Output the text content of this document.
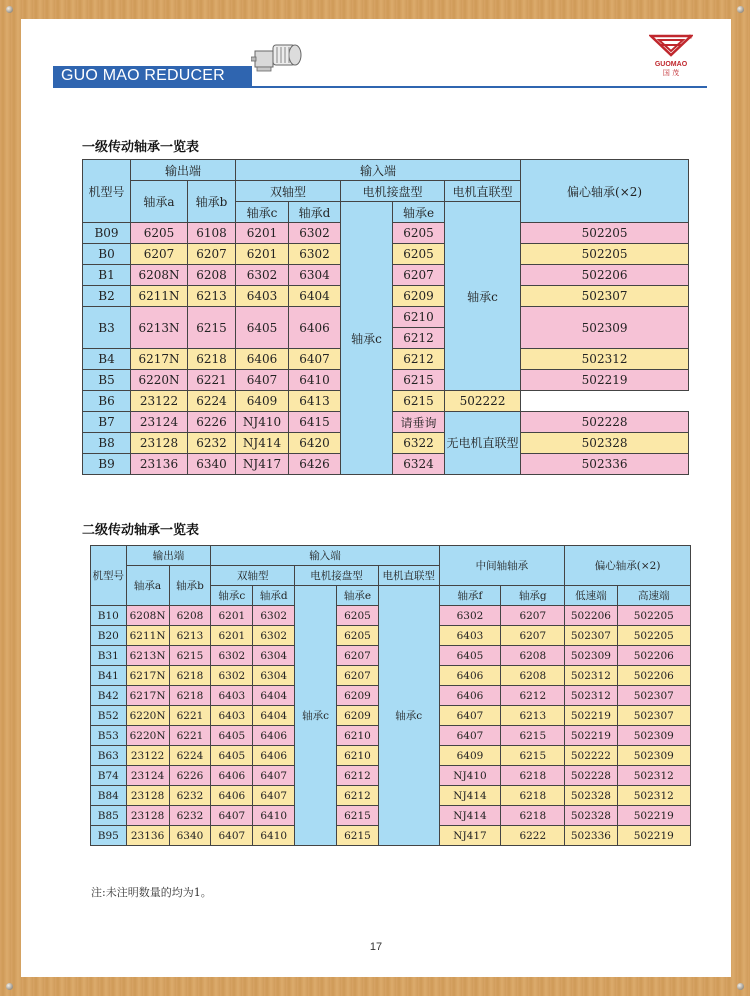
GUO MAO REDUCER
®
GUOMAO
国 茂
一级传动轴承一览表
机型号	输出端		输入端					偏心轴承(×2)
	轴承a	轴承b	双轴型		电机接盘型		电机直联型	
			轴承c	轴承d	轴承c	轴承e	轴承c	
B09	6205	6108	6201	6302		6205		502205
B0	6207	6207	6201	6302		6205		502205
B1	6208N	6208	6302	6304		6207		502206
B2	6211N	6213	6403	6404		6209		502307
B3	6213N	6215	6405	6406		6210		502309
						6212		
B4	6217N	6218	6406	6407		6212		502312
B5	6220N	6221	6407	6410		6215		502219
B6	23122	6224	6409	6413		6215	502222	
B7	23124	6226	NJ410	6415		请垂询	无电机直联型	502228
B8	23128	6232	NJ414	6420		6322		502328
B9	23136	6340	NJ417	6426		6324		502336
二级传动轴承一览表
机型号	输出端		输入端					中间轴轴承		偏心轴承(×2)	
	轴承a	轴承b	双轴型		电机接盘型		电机直联型				
			轴承c	轴承d	轴承c	轴承e	轴承c	轴承f	轴承g	低速端	高速端
B10	6208N	6208	6201	6302		6205		6302	6207	502206	502205
B20	6211N	6213	6201	6302		6205		6403	6207	502307	502205
B31	6213N	6215	6302	6304		6207		6405	6208	502309	502206
B41	6217N	6218	6302	6304		6207		6406	6208	502312	502206
B42	6217N	6218	6403	6404		6209		6406	6212	502312	502307
B52	6220N	6221	6403	6404		6209		6407	6213	502219	502307
B53	6220N	6221	6405	6406		6210		6407	6215	502219	502309
B63	23122	6224	6405	6406		6210		6409	6215	502222	502309
B74	23124	6226	6406	6407		6212		NJ410	6218	502228	502312
B84	23128	6232	6406	6407		6212		NJ414	6218	502328	502312
B85	23128	6232	6407	6410		6215		NJ414	6218	502328	502219
B95	23136	6340	6407	6410		6215		NJ417	6222	502336	502219
注:未注明数量的均为1。
17
